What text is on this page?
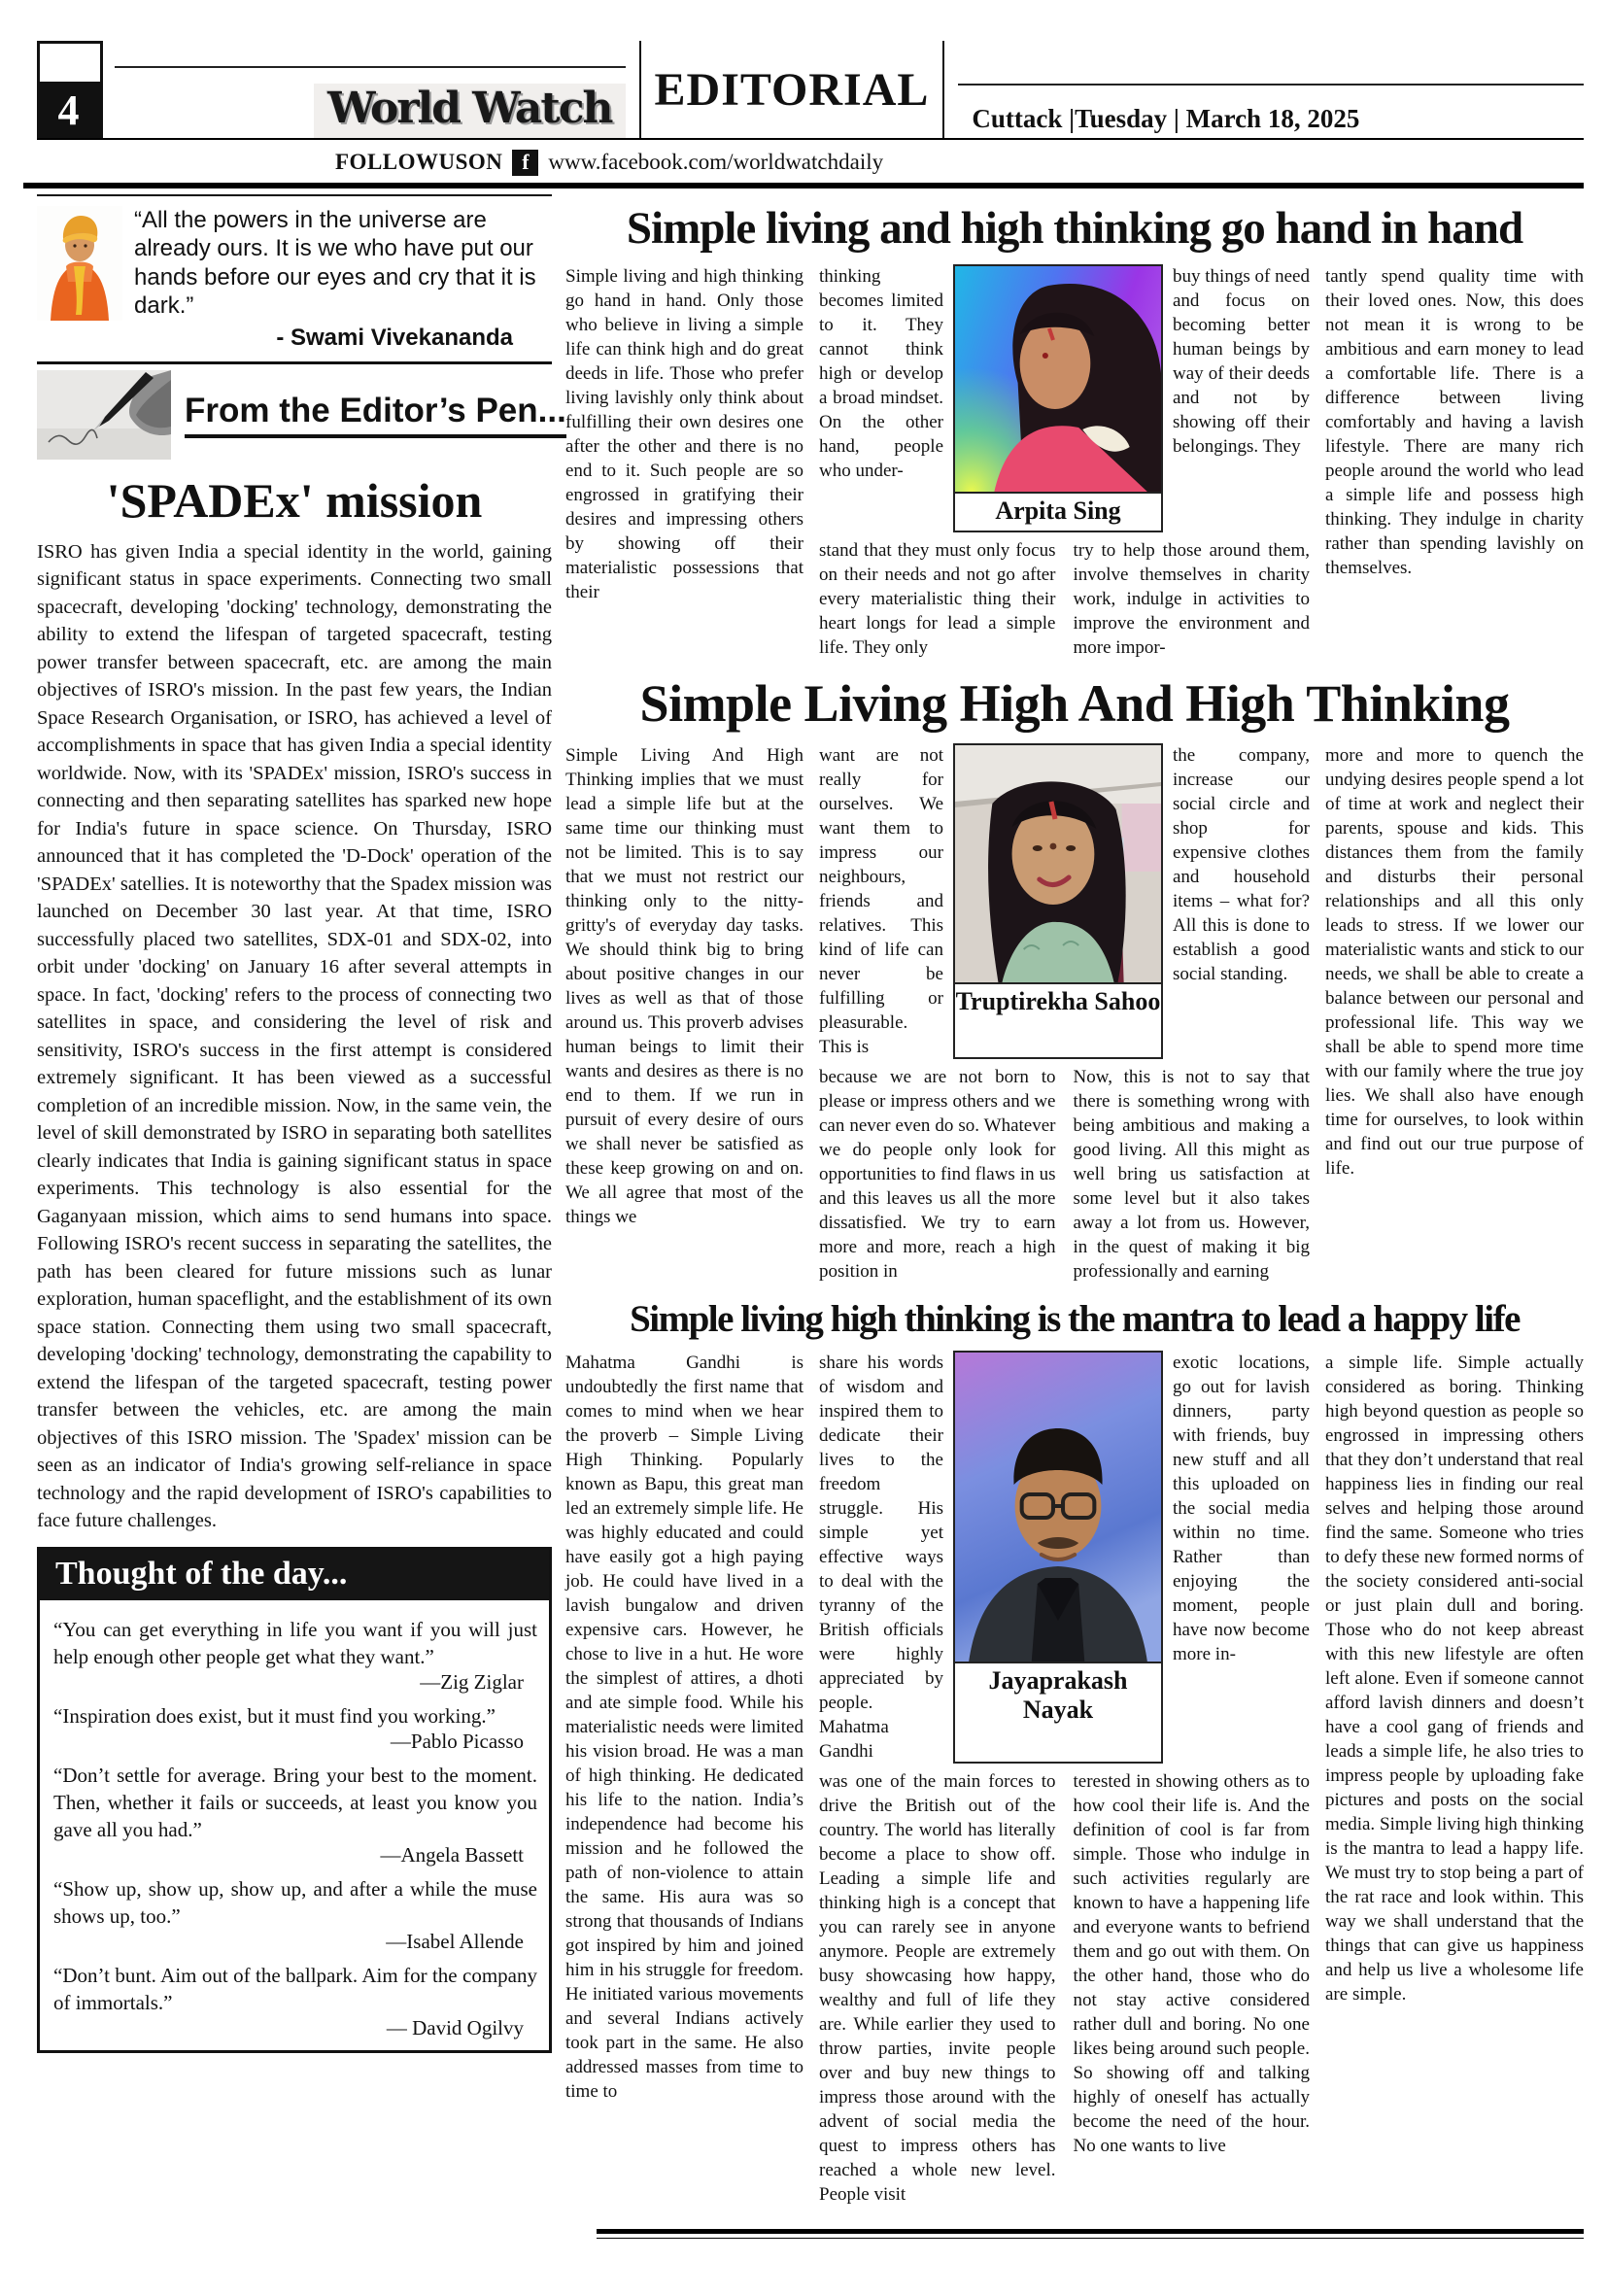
4	World Watch EDITORIAL
Cuttack |Tuesday | March 18, 2025
FOLLOWUSON f www.facebook.com/worldwatchdaily
“All the powers in the universe are already ours. It is we who have put our hands before our eyes and cry that it is dark.”
- Swami Vivekananda
From the Editor’s Pen...
'SPADEx' mission
ISRO has given India a special identity in the world, gaining significant status in space experiments. Connecting two small spacecraft, developing 'docking' technology, demonstrating the ability to extend the lifespan of targeted spacecraft, testing power transfer between spacecraft, etc. are among the main objectives of ISRO's mission. In the past few years, the Indian Space Research Organisation, or ISRO, has achieved a level of accomplishments in space that has given India a special identity worldwide. Now, with its 'SPADEx' mission, ISRO's success in connecting and then separating satellites has sparked new hope for India's future in space science. On Thursday, ISRO announced that it has completed the 'D-Dock' operation of the 'SPADEx' satellies. It is noteworthy that the Spadex mission was launched on December 30 last year. At that time, ISRO successfully placed two satellites, SDX-01 and SDX-02, into orbit under 'docking' on January 16 after several attempts in space. In fact, 'docking' refers to the process of connecting two satellites in space, and considering the level of risk and sensitivity, ISRO's success in the first attempt is considered extremely significant. It has been viewed as a successful completion of an incredible mission. Now, in the same vein, the level of skill demonstrated by ISRO in separating both satellites clearly indicates that India is gaining significant status in space experiments. This technology is also essential for the Gaganyaan mission, which aims to send humans into space. Following ISRO's recent success in separating the satellites, the path has been cleared for future missions such as lunar exploration, human spaceflight, and the establishment of its own space station. Connecting them using two small spacecraft, developing 'docking' technology, demonstrating the capability to extend the lifespan of the targeted spacecraft, testing power transfer between the vehicles, etc. are among the main objectives of this ISRO mission. The 'Spadex' mission can be seen as an indicator of India's growing self-reliance in space technology and the rapid development of ISRO's capabilities to face future challenges.
Thought of the day...
“You can get everything in life you want if you will just help enough other people get what they want.”
—Zig Ziglar
“Inspiration does exist, but it must find you working.”
—Pablo Picasso
“Don’t settle for average. Bring your best to the moment. Then, whether it fails or succeeds, at least you know you gave all you had.”
—Angela Bassett
“Show up, show up, show up, and after a while the muse shows up, too.”
—Isabel Allende
“Don’t bunt. Aim out of the ballpark. Aim for the company of immortals.”
— David Ogilvy
Simple living and high thinking go hand in hand
Simple living and high thinking go hand in hand. Only those who believe in living a simple life can think high and do great deeds in life. Those who prefer living lavishly only think about fulfilling their own desires one after the other and there is no end to it. Such people are so engrossed in gratifying their desires and impressing others by showing off their materialistic possessions that their
thinking becomes limited to it. They cannot think high or develop a broad mindset. On the other hand, people who under-
Arpita Sing
buy things of need and focus on becoming better human beings by way of their deeds and not by showing off their belongings. They
stand that they must only focus on their needs and not go after every materialistic thing their heart longs for lead a simple life. They only
try to help those around them, involve themselves in charity work, indulge in activities to improve the environment and more impor-
tantly spend quality time with their loved ones. Now, this does not mean it is wrong to be ambitious and earn money to lead a comfortable life. There is a difference between living comfortably and having a lavish lifestyle. There are many rich people around the world who lead a simple life and possess high thinking. They indulge in charity rather than spending lavishly on themselves.
Simple Living High And High Thinking
Simple Living And High Thinking implies that we must lead a simple life but at the same time our thinking must not be limited. This is to say that we must not restrict our thinking only to the nitty-gritty's of everyday day tasks. We should think big to bring about positive changes in our lives as well as that of those around us. This proverb advises human beings to limit their wants and desires as there is no end to them. If we run in pursuit of every desire of ours we shall never be satisfied as these keep growing on and on. We all agree that most of the things we
want are not really for ourselves. We want them to impress our neighbours, friends and relatives. This kind of life can never be fulfilling or pleasurable. This is
Truptirekha Sahoo
the company, increase our social circle and shop for expensive clothes and household items – what for? All this is done to establish a good social standing.
because we are not born to please or impress others and we can never even do so. Whatever we do people only look for opportunities to find flaws in us and this leaves us all the more dissatisfied. We try to earn more and more, reach a high position in
Now, this is not to say that there is something wrong with being ambitious and making a good living. All this might as well bring us satisfaction at some level but it also takes away a lot from us. However, in the quest of making it big professionally and earning
more and more to quench the undying desires people spend a lot of time at work and neglect their parents, spouse and kids. This distances them from the family and disturbs their personal relationships and all this only leads to stress. If we lower our materialistic wants and stick to our needs, we shall be able to create a balance between our personal and professional life. This way we shall be able to spend more time with our family where the true joy lies. We shall also have enough time for ourselves, to look within and find out our true purpose of life.
Simple living high thinking is the mantra to lead a happy life
Mahatma Gandhi is undoubtedly the first name that comes to mind when we hear the proverb – Simple Living High Thinking. Popularly known as Bapu, this great man led an extremely simple life. He was highly educated and could have easily got a high paying job. He could have lived in a lavish bungalow and driven expensive cars. However, he chose to live in a hut. He wore the simplest of attires, a dhoti and ate simple food. While his materialistic needs were limited his vision broad. He was a man of high thinking. He dedicated his life to the nation. India’s independence had become his mission and he followed the path of non-violence to attain the same. His aura was so strong that thousands of Indians got inspired by him and joined him in his struggle for freedom. He initiated various movements and several Indians actively took part in the same. He also addressed masses from time to time to
share his words of wisdom and inspired them to dedicate their lives to the freedom struggle. His simple yet effective ways to deal with the tyranny of the British officials were highly appreciated by people. Mahatma Gandhi
Jayaprakash Nayak
exotic locations, go out for lavish dinners, party with friends, buy new stuff and all this uploaded on the social media within no time. Rather than enjoying the moment, people have now become more in-
was one of the main forces to drive the British out of the country. The world has literally become a place to show off. Leading a simple life and thinking high is a concept that you can rarely see in anyone anymore. People are extremely busy showcasing how happy, wealthy and full of life they are. While earlier they used to throw parties, invite people over and buy new things to impress those around with the advent of social media the quest to impress others has reached a whole new level. People visit
terested in showing others as to how cool their life is. And the definition of cool is far from simple. Those who indulge in such activities regularly are known to have a happening life and everyone wants to befriend them and go out with them. On the other hand, those who do not stay active considered rather dull and boring. No one likes being around such people. So showing off and talking highly of oneself has actually become the need of the hour. No one wants to live
a simple life. Simple actually considered as boring. Thinking high beyond question as people so engrossed in impressing others that they don’t understand that real happiness lies in finding our real selves and helping those around find the same. Someone who tries to defy these new formed norms of the society considered anti-social or just plain dull and boring. Those who do not keep abreast with this new lifestyle are often left alone. Even if someone cannot afford lavish dinners and doesn’t have a cool gang of friends and leads a simple life, he also tries to impress people by uploading fake pictures and posts on the social media. Simple living high thinking is the mantra to lead a happy life. We must try to stop being a part of the rat race and look within. This way we shall understand that the things that can give us happiness and help us live a wholesome life are simple.
